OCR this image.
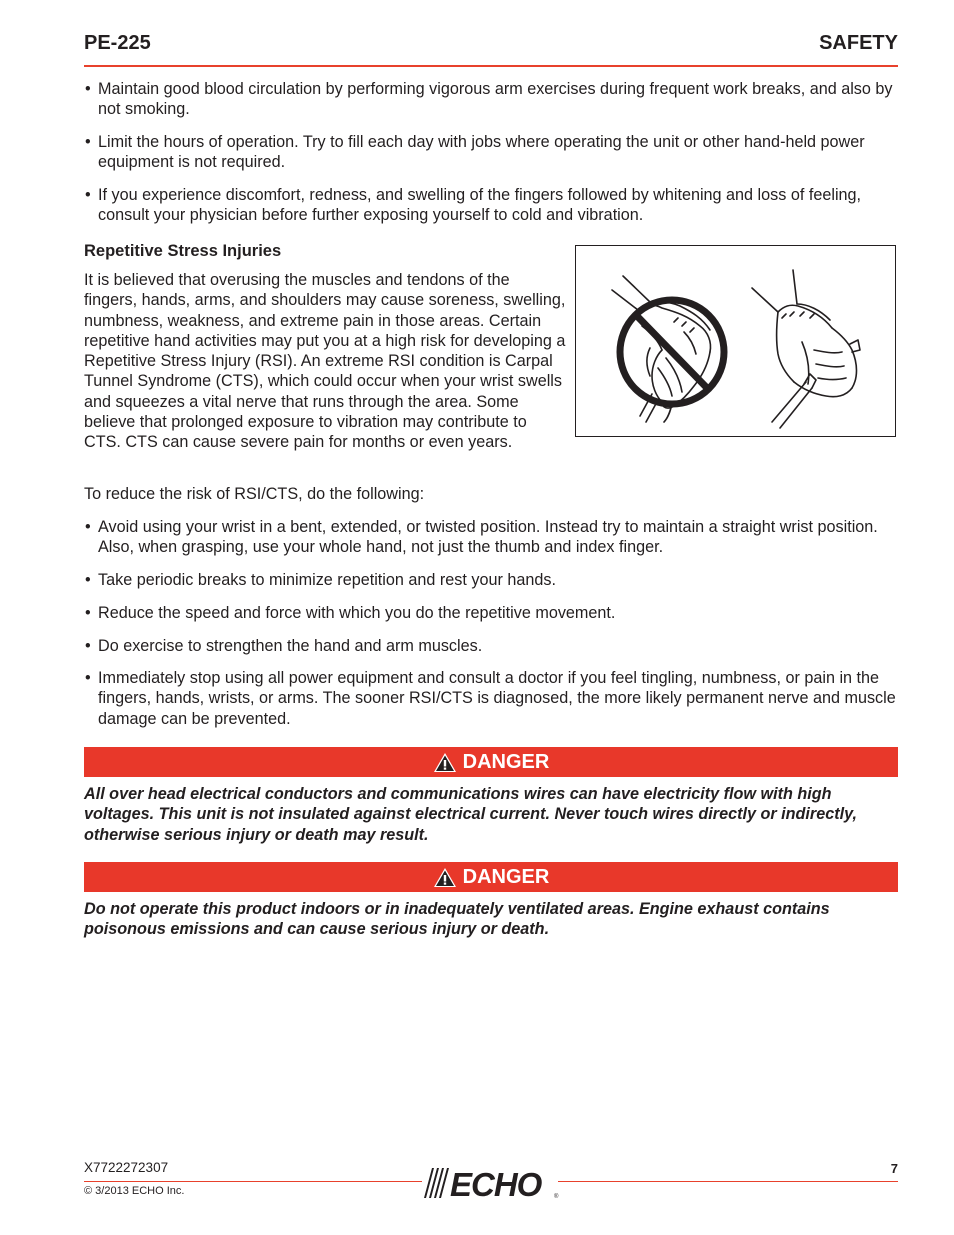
PE-225	SAFETY
• Maintain good blood circulation by performing vigorous arm exercises during frequent work breaks, and also by not smoking.
• Limit the hours of operation. Try to fill each day with jobs where operating the unit or other hand-held power equipment is not required.
• If you experience discomfort, redness, and swelling of the fingers followed by whitening and loss of feeling, consult your physician before further exposing yourself to cold and vibration.
Repetitive Stress Injuries
It is believed that overusing the muscles and tendons of the fingers, hands, arms, and shoulders may cause soreness, swelling, numbness, weakness, and extreme pain in those areas. Certain repetitive hand activities may put you at a high risk for developing a Repetitive Stress Injury (RSI). An extreme RSI condition is Carpal Tunnel Syndrome (CTS), which could occur when your wrist swells and squeezes a vital nerve that runs through the area. Some believe that prolonged exposure to vibration may contribute to CTS. CTS can cause severe pain for months or even years.
To reduce the risk of RSI/CTS, do the following:
• Avoid using your wrist in a bent, extended, or twisted position. Instead try to maintain a straight wrist position. Also, when grasping, use your whole hand, not just the thumb and index finger.
• Take periodic breaks to minimize repetition and rest your hands.
• Reduce the speed and force with which you do the repetitive movement.
• Do exercise to strengthen the hand and arm muscles.
• Immediately stop using all power equipment and consult a doctor if you feel tingling, numbness, or pain in the fingers, hands, wrists, or arms. The sooner RSI/CTS is diagnosed, the more likely permanent nerve and muscle damage can be prevented.
DANGER
All over head electrical conductors and communications wires can have electricity flow with high voltages. This unit is not insulated against electrical current. Never touch wires directly or indirectly, otherwise serious injury or death may result.
DANGER
Do not operate this product indoors or in inadequately ventilated areas. Engine exhaust contains poisonous emissions and can cause serious injury or death.
X7722272307
© 3/2013 ECHO Inc.
7
ECHO ®
